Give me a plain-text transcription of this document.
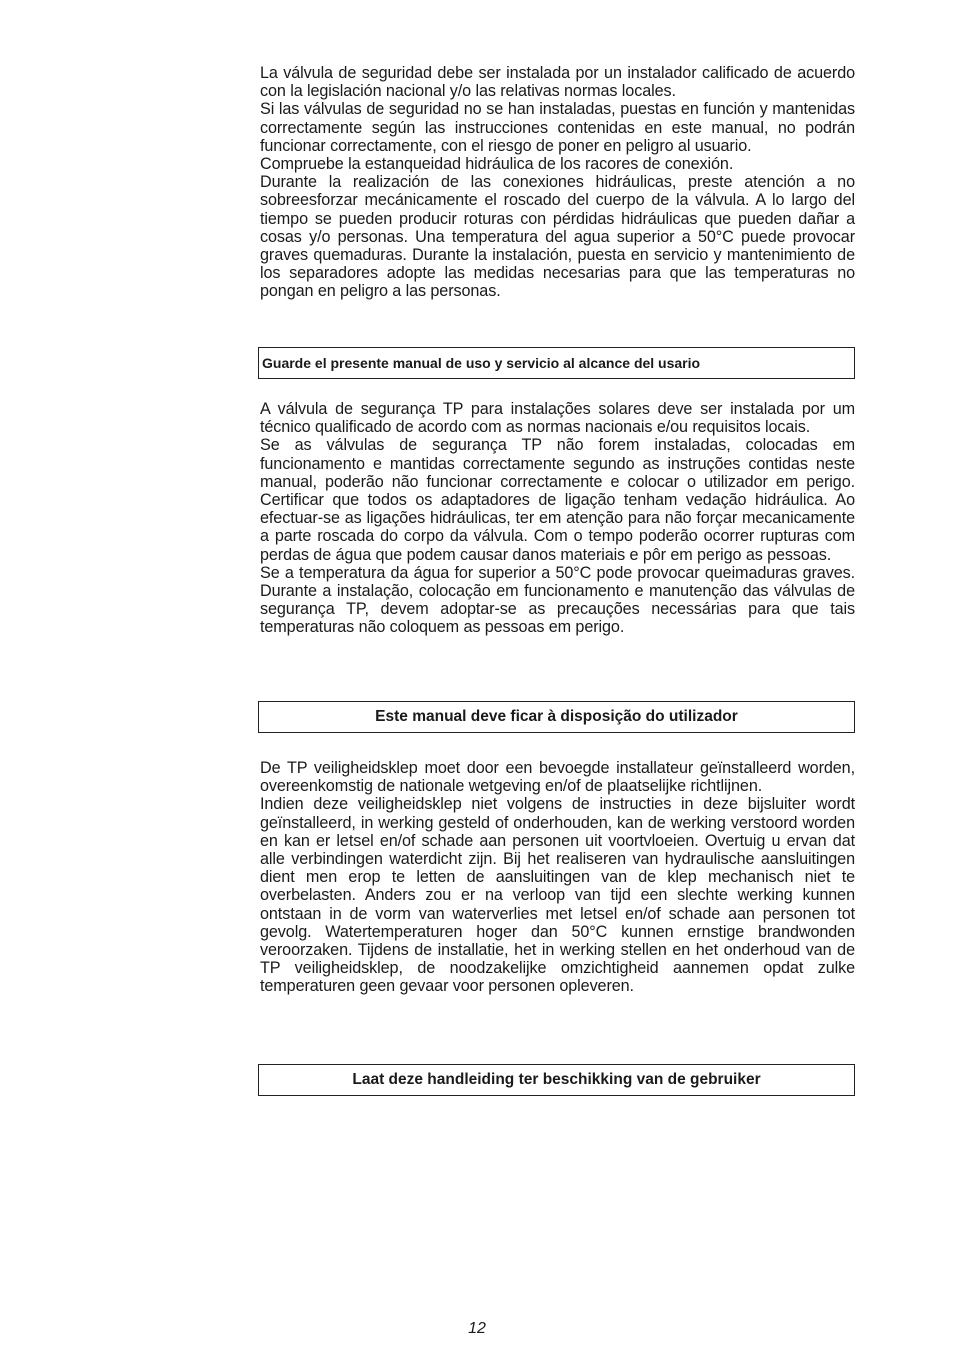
La válvula de seguridad debe ser instalada por un instalador calificado de acuerdo con la legislación nacional y/o las relativas normas locales.

Si las válvulas de seguridad no se han instaladas, puestas en función y mantenidas correctamente según las instrucciones contenidas en este manual, no podrán funcionar correctamente, con el riesgo de poner en peligro al usuario.

Compruebe la estanqueidad hidráulica de los racores de conexión.

Durante la realización de las conexiones hidráulicas, preste atención a no sobreesforzar mecánicamente el roscado del cuerpo de la válvula. A lo largo del tiempo se pueden producir roturas con pérdidas hidráulicas que pueden dañar a cosas y/o personas. Una temperatura del agua superior a 50°C puede provocar graves quemaduras. Durante la instalación, puesta en servicio y mantenimiento de los separadores adopte las medidas necesarias para que las temperaturas no pongan en peligro a las personas.

Guarde el presente manual de uso y servicio al alcance del usario

A válvula de segurança TP para instalações solares deve ser instalada por um técnico qualificado de acordo com as normas nacionais e/ou requisitos locais.

Se as válvulas de segurança TP não forem instaladas, colocadas em funcionamento e mantidas correctamente segundo as instruções contidas neste manual, poderão não funcionar correctamente e colocar o utilizador em perigo. Certificar que todos os adaptadores de ligação tenham vedação hidráulica. Ao efectuar-se as ligações hidráulicas, ter em atenção para não forçar mecanicamente a parte roscada do corpo da válvula. Com o tempo poderão ocorrer rupturas com perdas de água que podem causar danos materiais e pôr em perigo as pessoas.

Se a temperatura da água for superior a 50°C pode provocar queimaduras graves. Durante a instalação, colocação em funcionamento e manutenção das válvulas de segurança TP, devem adoptar-se as precauções necessárias para que tais temperaturas não coloquem as pessoas em perigo.

Este manual deve ficar à disposição do utilizador

De TP veiligheidsklep moet door een bevoegde installateur geïnstalleerd worden, overeenkomstig de nationale wetgeving en/of de plaatselijke richtlijnen.

Indien deze veiligheidsklep niet volgens de instructies in deze bijsluiter wordt geïnstalleerd, in werking gesteld of onderhouden, kan de werking verstoord worden en kan er letsel en/of schade aan personen uit voortvloeien. Overtuig u ervan dat alle verbindingen waterdicht zijn. Bij het realiseren van hydraulische aansluitingen dient men erop te letten de aansluitingen van de klep mechanisch niet te overbelasten. Anders zou er na verloop van tijd een slechte werking kunnen ontstaan in de vorm van waterverlies met letsel en/of schade aan personen tot gevolg. Watertemperaturen hoger dan 50°C kunnen ernstige brandwonden veroorzaken. Tijdens de installatie, het in werking stellen en het onderhoud van de TP veiligheidsklep, de noodzakelijke omzichtigheid aannemen opdat zulke temperaturen geen gevaar voor personen opleveren.

Laat deze handleiding ter beschikking van de gebruiker
12
